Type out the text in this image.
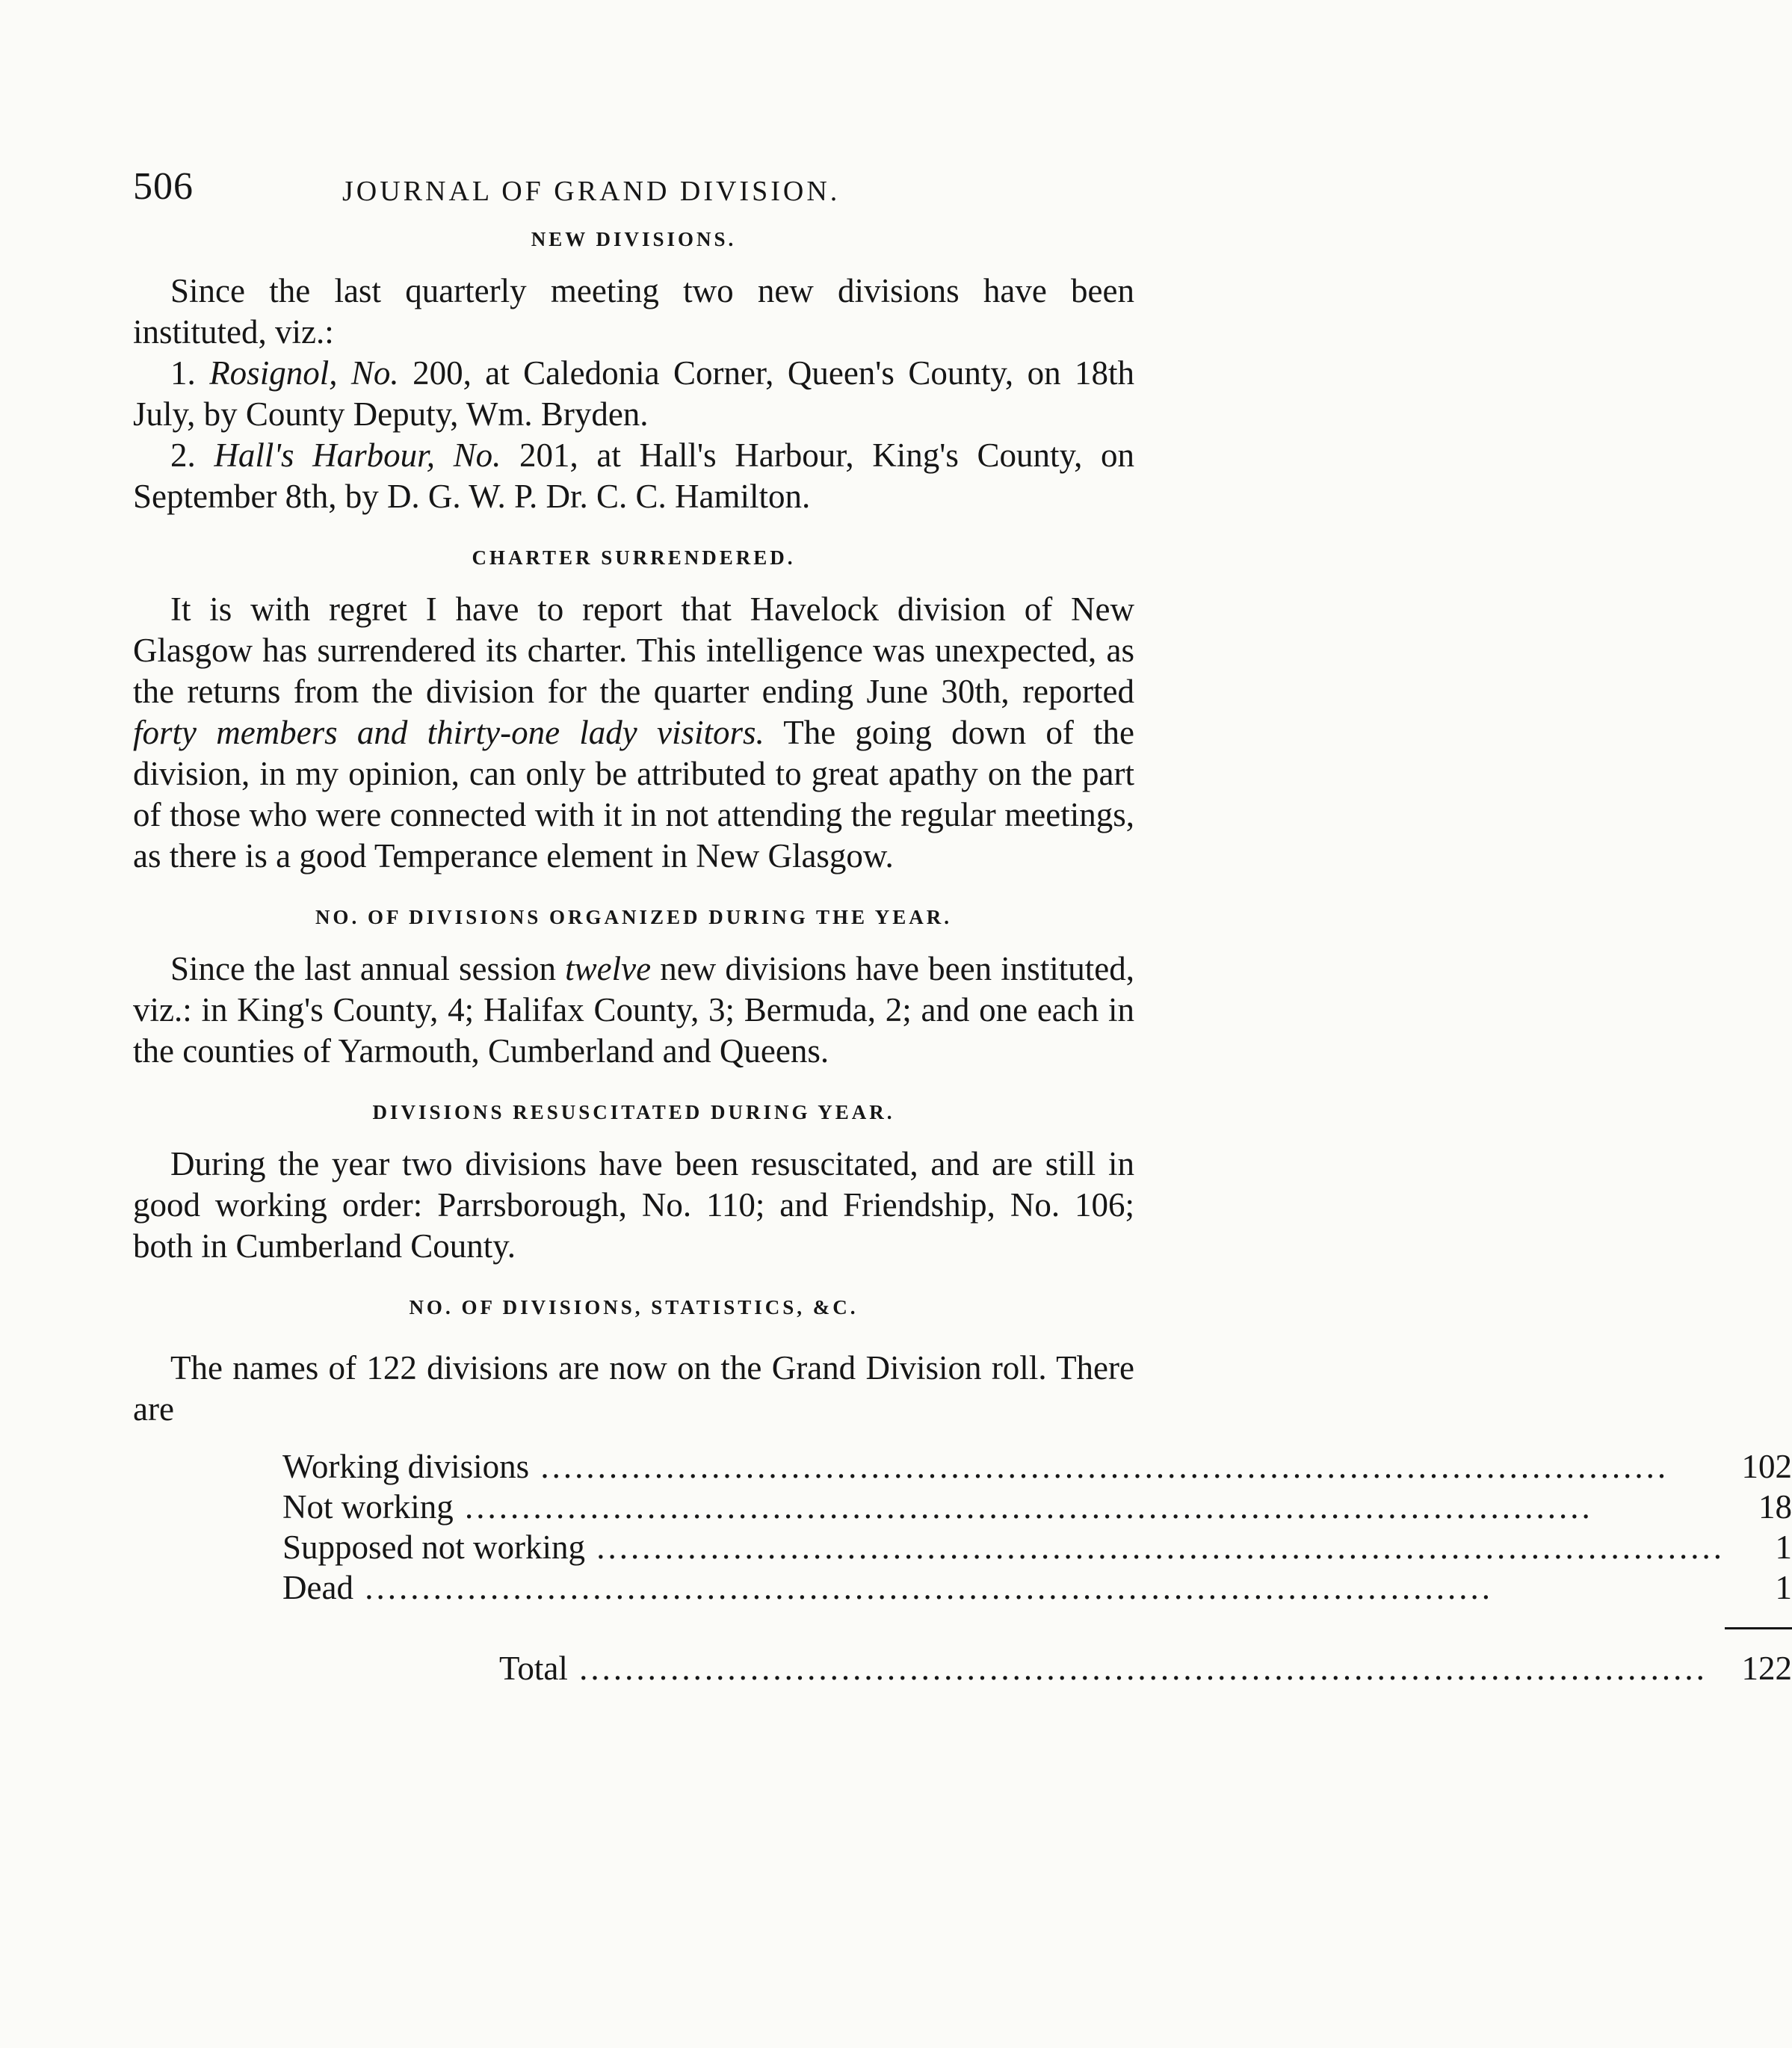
506	JOURNAL OF GRAND DIVISION.
NEW DIVISIONS.

Since the last quarterly meeting two new divisions have been instituted, viz.:

1. Rosignol, No. 200, at Caledonia Corner, Queen's County, on 18th July, by County Deputy, Wm. Bryden.

2. Hall's Harbour, No. 201, at Hall's Harbour, King's County, on September 8th, by D. G. W. P. Dr. C. C. Hamilton.

CHARTER SURRENDERED.

It is with regret I have to report that Havelock division of New Glasgow has surrendered its charter. This intelligence was unexpected, as the returns from the division for the quarter ending June 30th, reported forty members and thirty-one lady visitors. The going down of the division, in my opinion, can only be attributed to great apathy on the part of those who were connected with it in not attending the regular meetings, as there is a good Temperance element in New Glasgow.

NO. OF DIVISIONS ORGANIZED DURING THE YEAR.

Since the last annual session twelve new divisions have been instituted, viz.: in King's County, 4; Halifax County, 3; Bermuda, 2; and one each in the counties of Yarmouth, Cumberland and Queens.

DIVISIONS RESUSCITATED DURING YEAR.

During the year two divisions have been resuscitated, and are still in good working order: Parrsborough, No. 110; and Friendship, No. 106; both in Cumberland County.

NO. OF DIVISIONS, STATISTICS, &C.

The names of 122 divisions are now on the Grand Division roll. There are

Working divisions .....	102
Not working .....	18
Supposed not working .....	1
Dead .....	1

Total .....	122
